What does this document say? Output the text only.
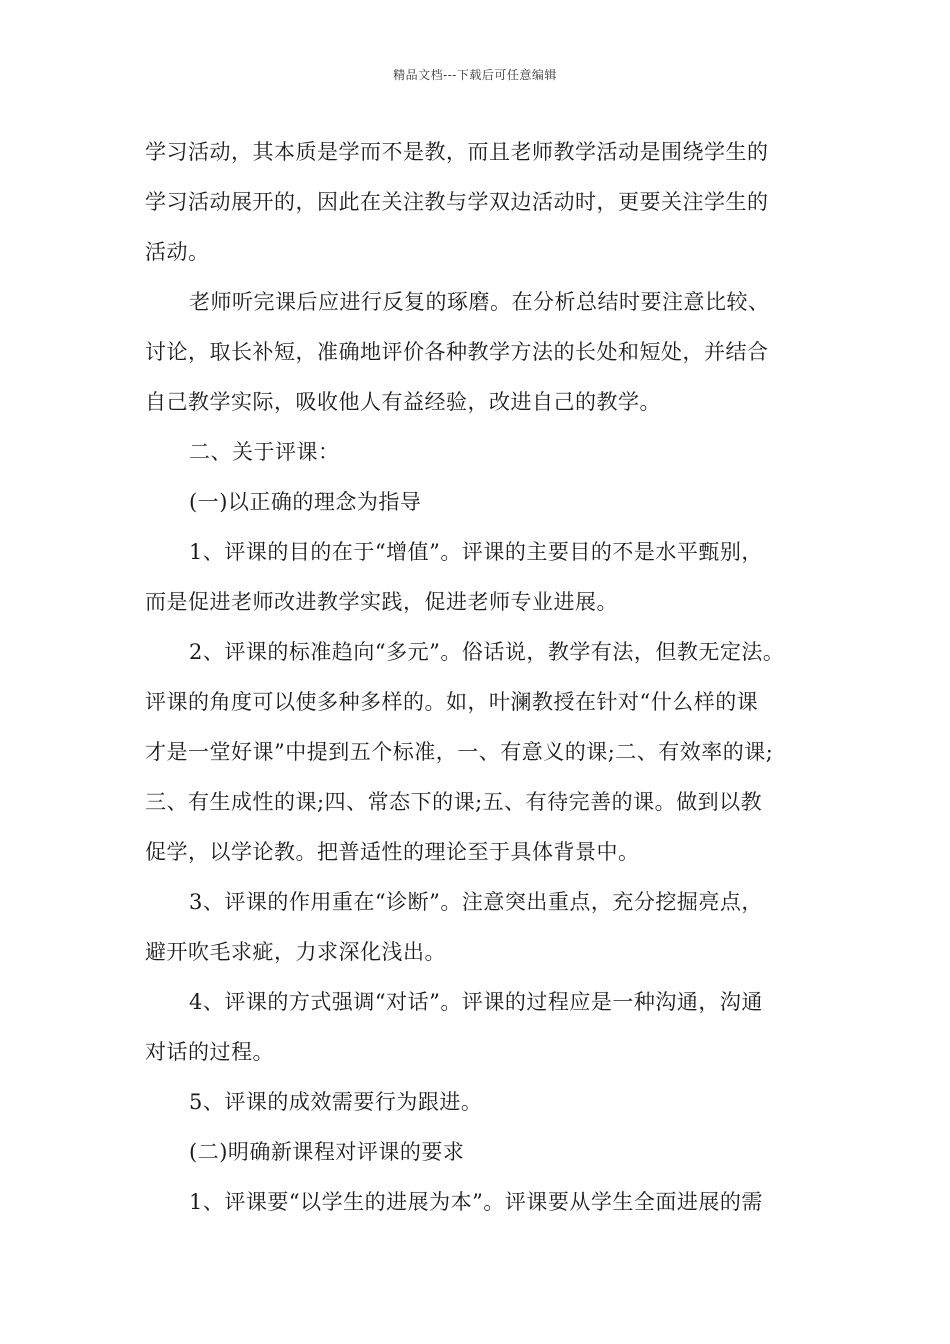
精品文档---下载后可任意编辑
学习活动，其本质是学而不是教，而且老师教学活动是围绕学生的
学习活动展开的，因此在关注教与学双边活动时，更要关注学生的
活动。
老师听完课后应进行反复的琢磨。在分析总结时要注意比较、
讨论，取长补短，准确地评价各种教学方法的长处和短处，并结合
自己教学实际，吸收他人有益经验，改进自己的教学。
二、关于评课：
(一)以正确的理念为指导
1、评课的目的在于“增值”。评课的主要目的不是水平甄别，
而是促进老师改进教学实践，促进老师专业进展。
2、评课的标准趋向“多元”。俗话说，教学有法，但教无定法。
评课的角度可以使多种多样的。如，叶澜教授在针对“什么样的课
才是一堂好课”中提到五个标准，一、有意义的课;二、有效率的课;
三、有生成性的课;四、常态下的课;五、有待完善的课。做到以教
促学，以学论教。把普适性的理论至于具体背景中。
3、评课的作用重在“诊断”。注意突出重点，充分挖掘亮点，
避开吹毛求疵，力求深化浅出。
4、评课的方式强调“对话”。评课的过程应是一种沟通，沟通
对话的过程。
5、评课的成效需要行为跟进。
(二)明确新课程对评课的要求
1、评课要“以学生的进展为本”。评课要从学生全面进展的需
